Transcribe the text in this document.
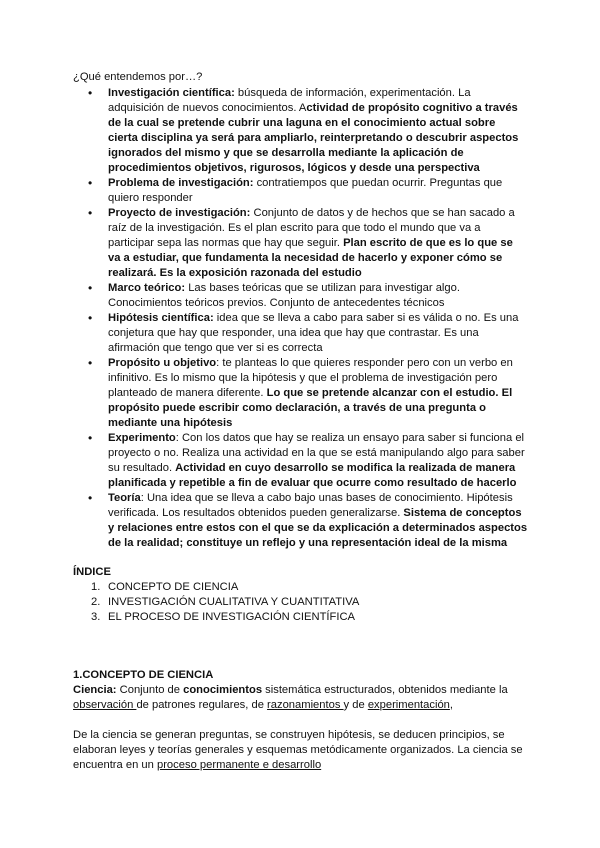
¿Qué entendemos por…?
• Investigación científica: búsqueda de información, experimentación. La adquisición de nuevos conocimientos. Actividad de propósito cognitivo a través de la cual se pretende cubrir una laguna en el conocimiento actual sobre cierta disciplina ya será para ampliarlo, reinterpretando o descubrir aspectos ignorados del mismo y que se desarrolla mediante la aplicación de procedimientos objetivos, rigurosos, lógicos y desde una perspectiva
• Problema de investigación: contratiempos que puedan ocurrir. Preguntas que quiero responder
• Proyecto de investigación: Conjunto de datos y de hechos que se han sacado a raíz de la investigación. Es el plan escrito para que todo el mundo que va a participar sepa las normas que hay que seguir. Plan escrito de que es lo que se va a estudiar, que fundamenta la necesidad de hacerlo y exponer cómo se realizará. Es la exposición razonada del estudio
• Marco teórico: Las bases teóricas que se utilizan para investigar algo. Conocimientos teóricos previos. Conjunto de antecedentes técnicos
• Hipótesis científica: idea que se lleva a cabo para saber si es válida o no. Es una conjetura que hay que responder, una idea que hay que contrastar. Es una afirmación que tengo que ver si es correcta
• Propósito u objetivo: te planteas lo que quieres responder pero con un verbo en infinitivo. Es lo mismo que la hipótesis y que el problema de investigación pero planteado de manera diferente. Lo que se pretende alcanzar con el estudio. El propósito puede escribir como declaración, a través de una pregunta o mediante una hipótesis
• Experimento: Con los datos que hay se realiza un ensayo para saber si funciona el proyecto o no. Realiza una actividad en la que se está manipulando algo para saber su resultado. Actividad en cuyo desarrollo se modifica la realizada de manera planificada y repetible a fin de evaluar que ocurre como resultado de hacerlo
• Teoría: Una idea que se lleva a cabo bajo unas bases de conocimiento. Hipótesis verificada. Los resultados obtenidos pueden generalizarse. Sistema de conceptos y relaciones entre estos con el que se da explicación a determinados aspectos de la realidad; constituye un reflejo y una representación ideal de la misma
ÍNDICE
1. CONCEPTO DE CIENCIA
2. INVESTIGACIÓN CUALITATIVA Y CUANTITATIVA
3. EL PROCESO DE INVESTIGACIÓN CIENTÍFICA
1.CONCEPTO DE CIENCIA
Ciencia: Conjunto de conocimientos sistemática estructurados, obtenidos mediante la observación de patrones regulares, de razonamientos y de experimentación,
De la ciencia se generan preguntas, se construyen hipótesis, se deducen principios, se elaboran leyes y teorías generales y esquemas metódicamente organizados. La ciencia se encuentra en un proceso permanente e desarrollo
